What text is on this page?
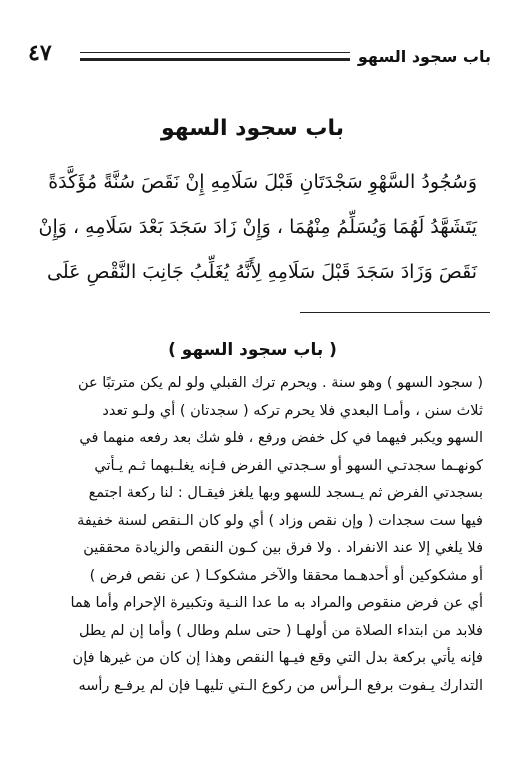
٤٧	باب سجود السهو
باب سجود السهو
وَسُجُودُ السَّهْوِ سَجْدَتَانِ قَبْلَ سَلَامِهِ إِنْ نَقَصَ سُنَّةً مُؤَكَّدَةً
يَتَشَهَّدُ لَهُمَا وَيُسَلِّمُ مِنْهُمَا ، وَإِنْ زَادَ سَجَدَ بَعْدَ سَلَامِهِ ، وَإِنْ
نَقَصَ وَزَادَ سَجَدَ قَبْلَ سَلَامِهِ لِأَنَّهُ يُغَلِّبُ جَانِبَ النَّقْصِ عَلَى
( باب سجود السهو )
( سجود السهو ) وهو سنة . ويحرم ترك القبلي ولو لم يكن مترتبًا عن
ثلاث سنن ، وأمـا البعدي فلا يحرم تركه ( سجدتان ) أي ولـو تعدد
السهو ويكبر فيهما في كل خفض ورفع ، فلو شك بعد رفعه منهما في
كونهـما سجدتـي السهو أو سـجدتي الفرض فـإنه يغلـبهما ثـم يـأتي
بسجدتي الفرض ثم يـسجد للسهو وبها يلغز فيقـال : لنا ركعة اجتمع
فيها ست سجدات ( وإن نقص وزاد ) أي ولو كان الـنقص لسنة خفيفة
فلا يلغي إلا عند الانفراد . ولا فرق بين كـون النقص والزيادة محققين
أو مشكوكين أو أحدهـما محققا والآخر مشكوكـا ( عن نقص فرض )
أي عن فرض منقوص والمراد به ما عدا النـية وتكبيرة الإحرام وأما هما
فلابد من ابتداء الصلاة من أولهـا ( حتى سلم وطال ) وأما إن لم يطل
فإنه يأتي بركعة بدل التي وقع فيـها النقص وهذا إن كان من غيرها فإن
التدارك يـفوت برفع الـرأس من ركوع الـتي تليهـا فإن لم يرفـع رأسه
